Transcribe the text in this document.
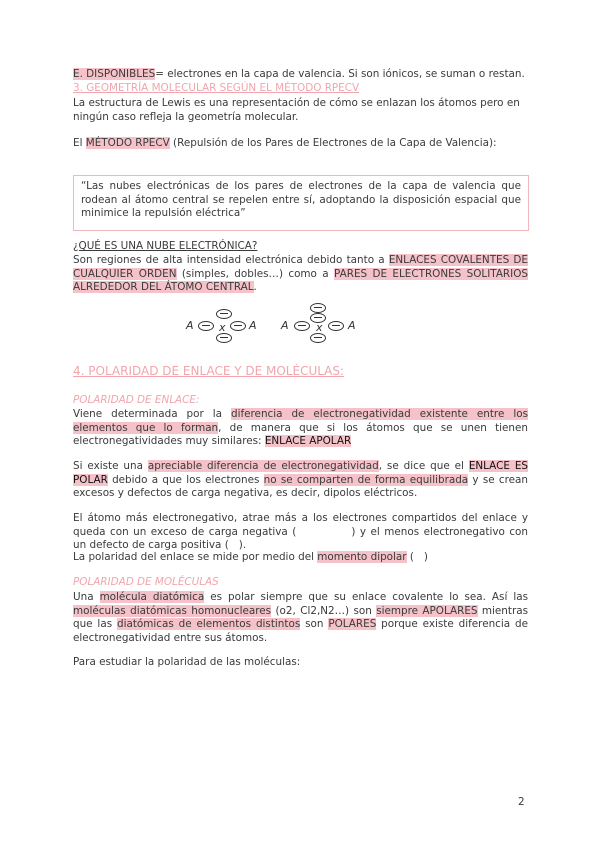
E. DISPONIBLES= electrones en la capa de valencia. Si son iónicos, se suman o restan.
3. GEOMETRÍA MOLECULAR SEGÚN EL MÉTODO RPECV
La estructura de Lewis es una representación de cómo se enlazan los átomos pero en ningún caso refleja la geometría molecular.
El MÉTODO RPECV (Repulsión de los Pares de Electrones de la Capa de Valencia):
“Las nubes electrónicas de los pares de electrones de la capa de valencia que rodean al átomo central se repelen entre sí, adoptando la disposición espacial que minimice la repulsión eléctrica”
¿QUÉ ES UNA NUBE ELECTRÓNICA?
Son regiones de alta intensidad electrónica debido tanto a ENLACES COVALENTES DE CUALQUIER ORDEN (simples, dobles…) como a PARES DE ELECTRONES SOLITARIOS ALREDEDOR DEL ÁTOMO CENTRAL.
A x A A x A
4. POLARIDAD DE ENLACE Y DE MOLÉCULAS:
POLARIDAD DE ENLACE:
Viene determinada por la diferencia de electronegatividad existente entre los elementos que lo forman, de manera que si los átomos que se unen tienen electronegatividades muy similares: ENLACE APOLAR
Si existe una apreciable diferencia de electronegatividad, se dice que el ENLACE ES POLAR debido a que los electrones no se comparten de forma equilibrada y se crean excesos y defectos de carga negativa, es decir, dipolos eléctricos.
El átomo más electronegativo, atrae más a los electrones compartidos del enlace y queda con un exceso de carga negativa (	) y el menos electronegativo con un defecto de carga positiva ( ).
La polaridad del enlace se mide por medio del momento dipolar ( )
POLARIDAD DE MOLÉCULAS
Una molécula diatómica es polar siempre que su enlace covalente lo sea. Así las moléculas diatómicas homonucleares (o2, Cl2,N2…) son siempre APOLARES mientras que las diatómicas de elementos distintos son POLARES porque existe diferencia de electronegatividad entre sus átomos.
Para estudiar la polaridad de las moléculas:
2
